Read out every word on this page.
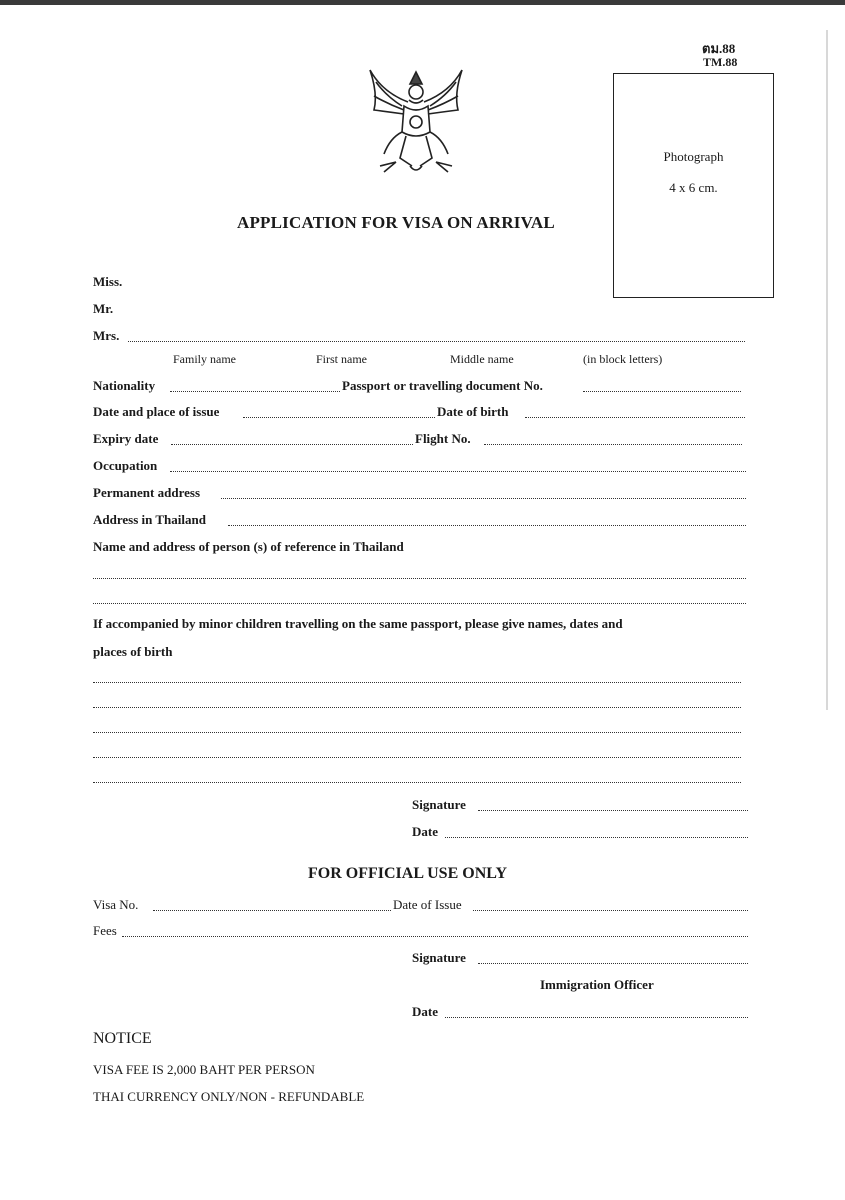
ตม.88
TM.88
Photograph
4 x 6 cm.
APPLICATION FOR VISA ON ARRIVAL
Miss.
Mr.
Mrs.
Family name	First name	Middle name	(in block letters)
Nationality	Passport or travelling document No.
Date and place of issue	Date of birth
Expiry date	Flight No.
Occupation
Permanent address
Address in Thailand
Name and address of person (s) of reference in Thailand
If accompanied by minor children travelling on the same passport, please give names, dates and
places of birth
Signature
Date
FOR OFFICIAL USE ONLY
Visa No.	Date of Issue
Fees
Signature
Immigration Officer
Date
NOTICE
VISA FEE IS 2,000 BAHT PER PERSON
THAI CURRENCY ONLY/NON - REFUNDABLE
